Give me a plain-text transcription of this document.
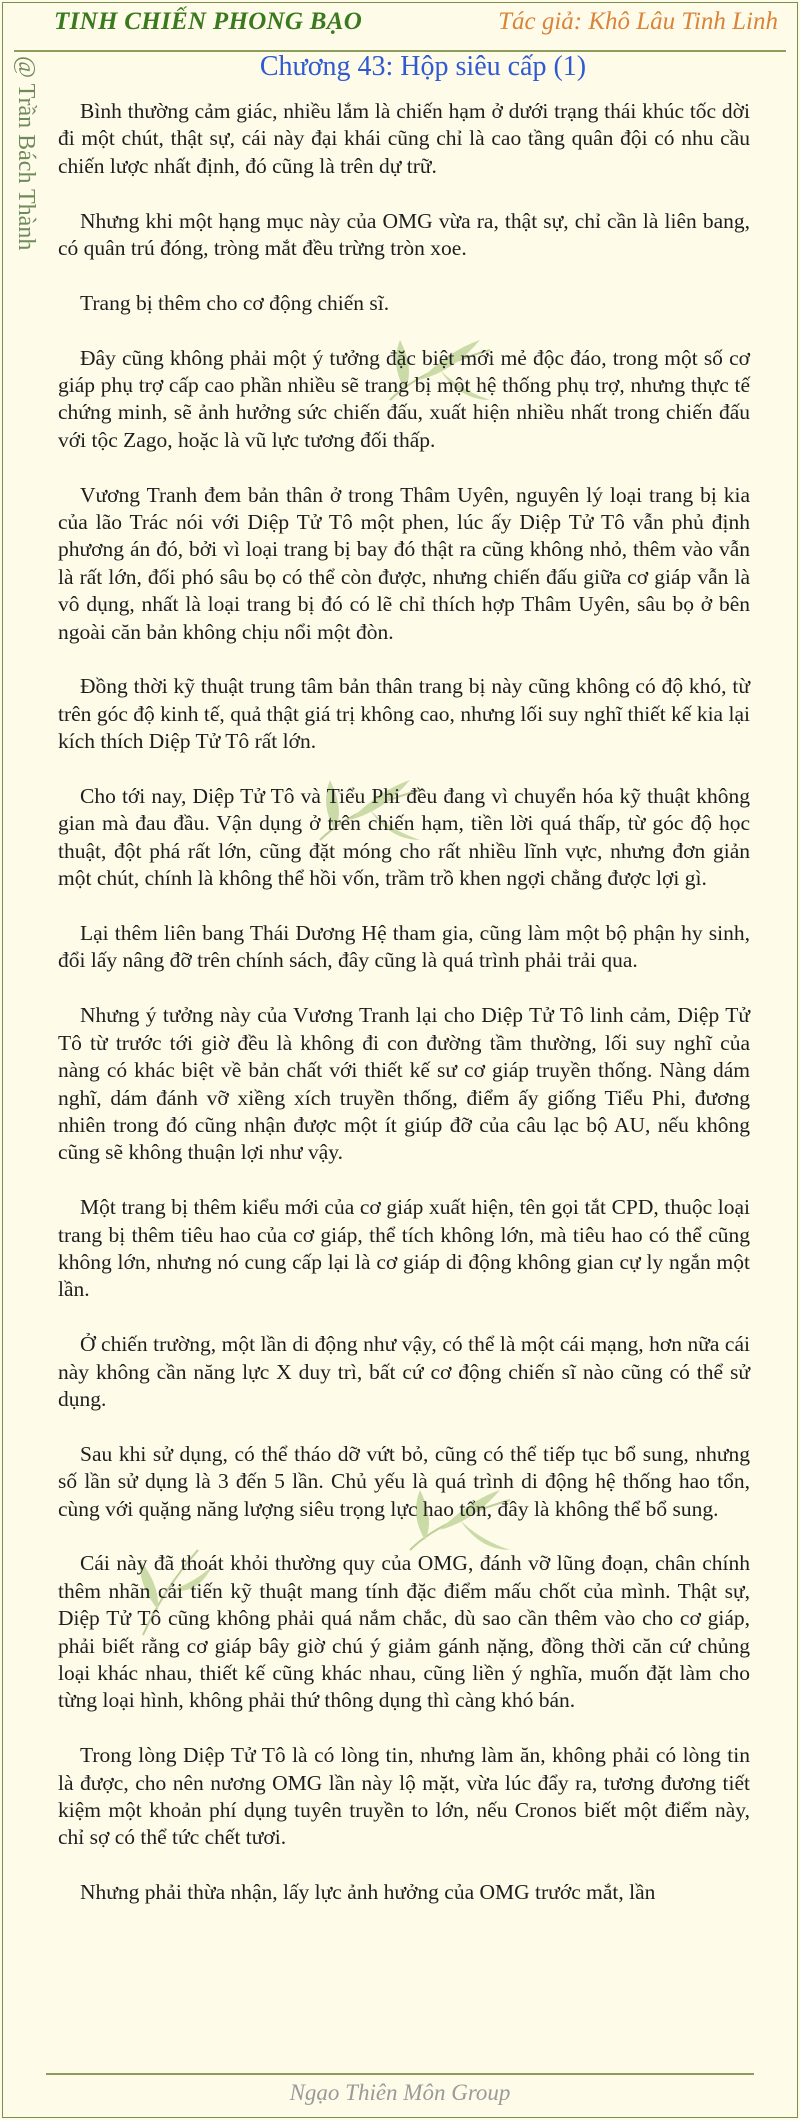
TINH CHIẾN PHONG BẠO	Tác giả: Khô Lâu Tinh Linh
@ Trần Bách Thành	Chương 43: Hộp siêu cấp (1)

Bình thường cảm giác, nhiều lắm là chiến hạm ở dưới trạng thái khúc tốc dời đi một chút, thật sự, cái này đại khái cũng chỉ là cao tầng quân đội có nhu cầu chiến lược nhất định, đó cũng là trên dự trữ.

Nhưng khi một hạng mục này của OMG vừa ra, thật sự, chỉ cần là liên bang, có quân trú đóng, tròng mắt đều trừng tròn xoe.

Trang bị thêm cho cơ động chiến sĩ.

Đây cũng không phải một ý tưởng đặc biệt mới mẻ độc đáo, trong một số cơ giáp phụ trợ cấp cao phần nhiều sẽ trang bị một hệ thống phụ trợ, nhưng thực tế chứng minh, sẽ ảnh hưởng sức chiến đấu, xuất hiện nhiều nhất trong chiến đấu với tộc Zago, hoặc là vũ lực tương đối thấp.

Vương Tranh đem bản thân ở trong Thâm Uyên, nguyên lý loại trang bị kia của lão Trác nói với Diệp Tử Tô một phen, lúc ấy Diệp Tử Tô vẫn phủ định phương án đó, bởi vì loại trang bị bay đó thật ra cũng không nhỏ, thêm vào vẫn là rất lớn, đối phó sâu bọ có thể còn được, nhưng chiến đấu giữa cơ giáp vẫn là vô dụng, nhất là loại trang bị đó có lẽ chỉ thích hợp Thâm Uyên, sâu bọ ở bên ngoài căn bản không chịu nổi một đòn.

Đồng thời kỹ thuật trung tâm bản thân trang bị này cũng không có độ khó, từ trên góc độ kinh tế, quả thật giá trị không cao, nhưng lối suy nghĩ thiết kế kia lại kích thích Diệp Tử Tô rất lớn.

Cho tới nay, Diệp Tử Tô và Tiểu Phi đều đang vì chuyển hóa kỹ thuật không gian mà đau đầu. Vận dụng ở trên chiến hạm, tiền lời quá thấp, từ góc độ học thuật, đột phá rất lớn, cũng đặt móng cho rất nhiều lĩnh vực, nhưng đơn giản một chút, chính là không thể hồi vốn, trầm trồ khen ngợi chẳng được lợi gì.

Lại thêm liên bang Thái Dương Hệ tham gia, cũng làm một bộ phận hy sinh, đổi lấy nâng đỡ trên chính sách, đây cũng là quá trình phải trải qua.

Nhưng ý tưởng này của Vương Tranh lại cho Diệp Tử Tô linh cảm, Diệp Tử Tô từ trước tới giờ đều là không đi con đường tầm thường, lối suy nghĩ của nàng có khác biệt về bản chất với thiết kế sư cơ giáp truyền thống. Nàng dám nghĩ, dám đánh vỡ xiềng xích truyền thống, điểm ấy giống Tiểu Phi, đương nhiên trong đó cũng nhận được một ít giúp đỡ của câu lạc bộ AU, nếu không cũng sẽ không thuận lợi như vậy.

Một trang bị thêm kiểu mới của cơ giáp xuất hiện, tên gọi tắt CPD, thuộc loại trang bị thêm tiêu hao của cơ giáp, thể tích không lớn, mà tiêu hao có thể cũng không lớn, nhưng nó cung cấp lại là cơ giáp di động không gian cự ly ngắn một lần.

Ở chiến trường, một lần di động như vậy, có thể là một cái mạng, hơn nữa cái này không cần năng lực X duy trì, bất cứ cơ động chiến sĩ nào cũng có thể sử dụng.

Sau khi sử dụng, có thể tháo dỡ vứt bỏ, cũng có thể tiếp tục bổ sung, nhưng số lần sử dụng là 3 đến 5 lần. Chủ yếu là quá trình di động hệ thống hao tổn, cùng với quặng năng lượng siêu trọng lực hao tổn, đây là không thể bổ sung.

Cái này đã thoát khỏi thường quy của OMG, đánh vỡ lũng đoạn, chân chính thêm nhãn cải tiến kỹ thuật mang tính đặc điểm mấu chốt của mình. Thật sự, Diệp Tử Tô cũng không phải quá nắm chắc, dù sao cần thêm vào cho cơ giáp, phải biết rằng cơ giáp bây giờ chú ý giảm gánh nặng, đồng thời căn cứ chủng loại khác nhau, thiết kế cũng khác nhau, cũng liền ý nghĩa, muốn đặt làm cho từng loại hình, không phải thứ thông dụng thì càng khó bán.

Trong lòng Diệp Tử Tô là có lòng tin, nhưng làm ăn, không phải có lòng tin là được, cho nên nương OMG lần này lộ mặt, vừa lúc đẩy ra, tương đương tiết kiệm một khoản phí dụng tuyên truyền to lớn, nếu Cronos biết một điểm này, chỉ sợ có thể tức chết tươi.

Nhưng phải thừa nhận, lấy lực ảnh hưởng của OMG trước mắt, lần

Ngạo Thiên Môn Group
